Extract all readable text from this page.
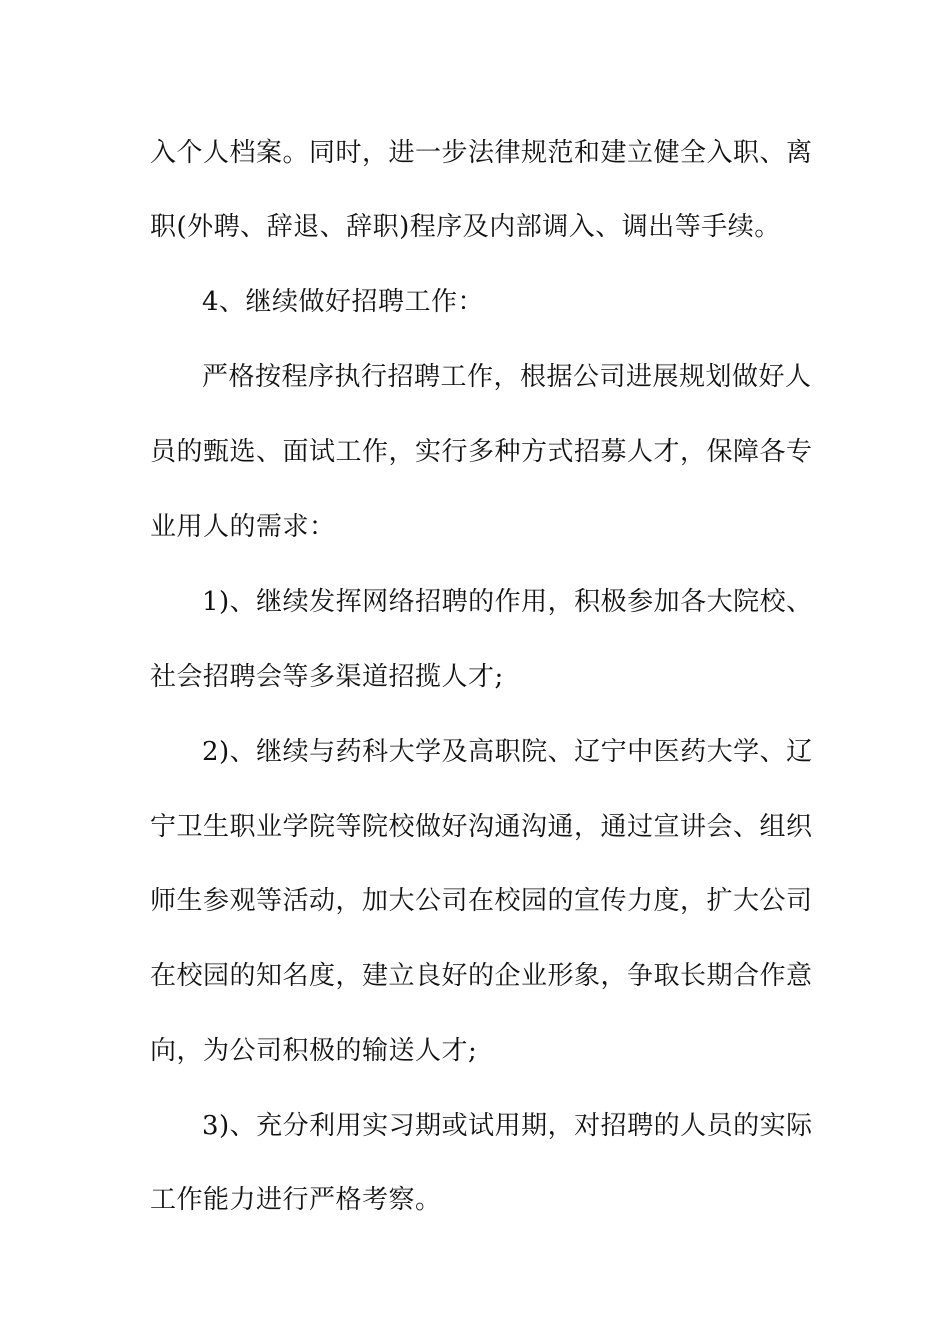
入个人档案。同时，进一步法律规范和建立健全入职、离
职(外聘、辞退、辞职)程序及内部调入、调出等手续。
4、继续做好招聘工作：
严格按程序执行招聘工作，根据公司进展规划做好人
员的甄选、面试工作，实行多种方式招募人才，保障各专
业用人的需求：
1)、继续发挥网络招聘的作用，积极参加各大院校、
社会招聘会等多渠道招揽人才;
2)、继续与药科大学及高职院、辽宁中医药大学、辽
宁卫生职业学院等院校做好沟通沟通，通过宣讲会、组织
师生参观等活动，加大公司在校园的宣传力度，扩大公司
在校园的知名度，建立良好的企业形象，争取长期合作意
向，为公司积极的输送人才;
3)、充分利用实习期或试用期，对招聘的人员的实际
工作能力进行严格考察。
